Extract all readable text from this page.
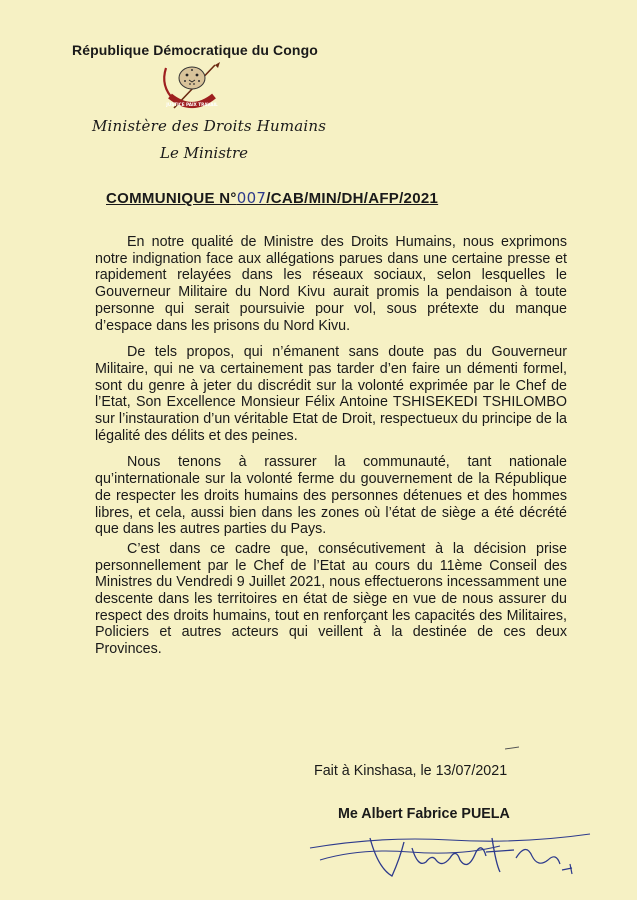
République Démocratique du Congo
JUSTICE PAIX TRAVAIL
Ministère des Droits Humains
Le Ministre
COMMUNIQUE N°007/CAB/MIN/DH/AFP/2021

En notre qualité de Ministre des Droits Humains, nous exprimons notre indignation face aux allégations parues dans une certaine presse et rapidement relayées dans les réseaux sociaux, selon lesquelles le Gouverneur Militaire du Nord Kivu aurait promis la pendaison à toute personne qui serait poursuivie pour vol, sous prétexte du manque d’espace dans les prisons du Nord Kivu.

De tels propos, qui n’émanent sans doute pas du Gouverneur Militaire, qui ne va certainement pas tarder d’en faire un démenti formel, sont du genre à jeter du discrédit sur la volonté exprimée par le Chef de l’Etat, Son Excellence Monsieur Félix Antoine TSHISEKEDI TSHILOMBO sur l’instauration d’un véritable Etat de Droit, respectueux du principe de la légalité des délits et des peines.

Nous tenons à rassurer la communauté, tant nationale qu’internationale sur la volonté ferme du gouvernement de la République de respecter les droits humains des personnes détenues et des hommes libres, et cela, aussi bien dans les zones où l’état de siège a été décrété que dans les autres parties du Pays.

C’est dans ce cadre que, consécutivement à la décision prise personnellement par le Chef de l’Etat au cours du 11ème Conseil des Ministres du Vendredi 9 Juillet 2021, nous effectuerons incessamment une descente dans les territoires en état de siège en vue de nous assurer du respect des droits humains, tout en renforçant les capacités des Militaires, Policiers et autres acteurs qui veillent à la destinée de ces deux Provinces.

Fait à Kinshasa, le 13/07/2021
Me Albert Fabrice PUELA
